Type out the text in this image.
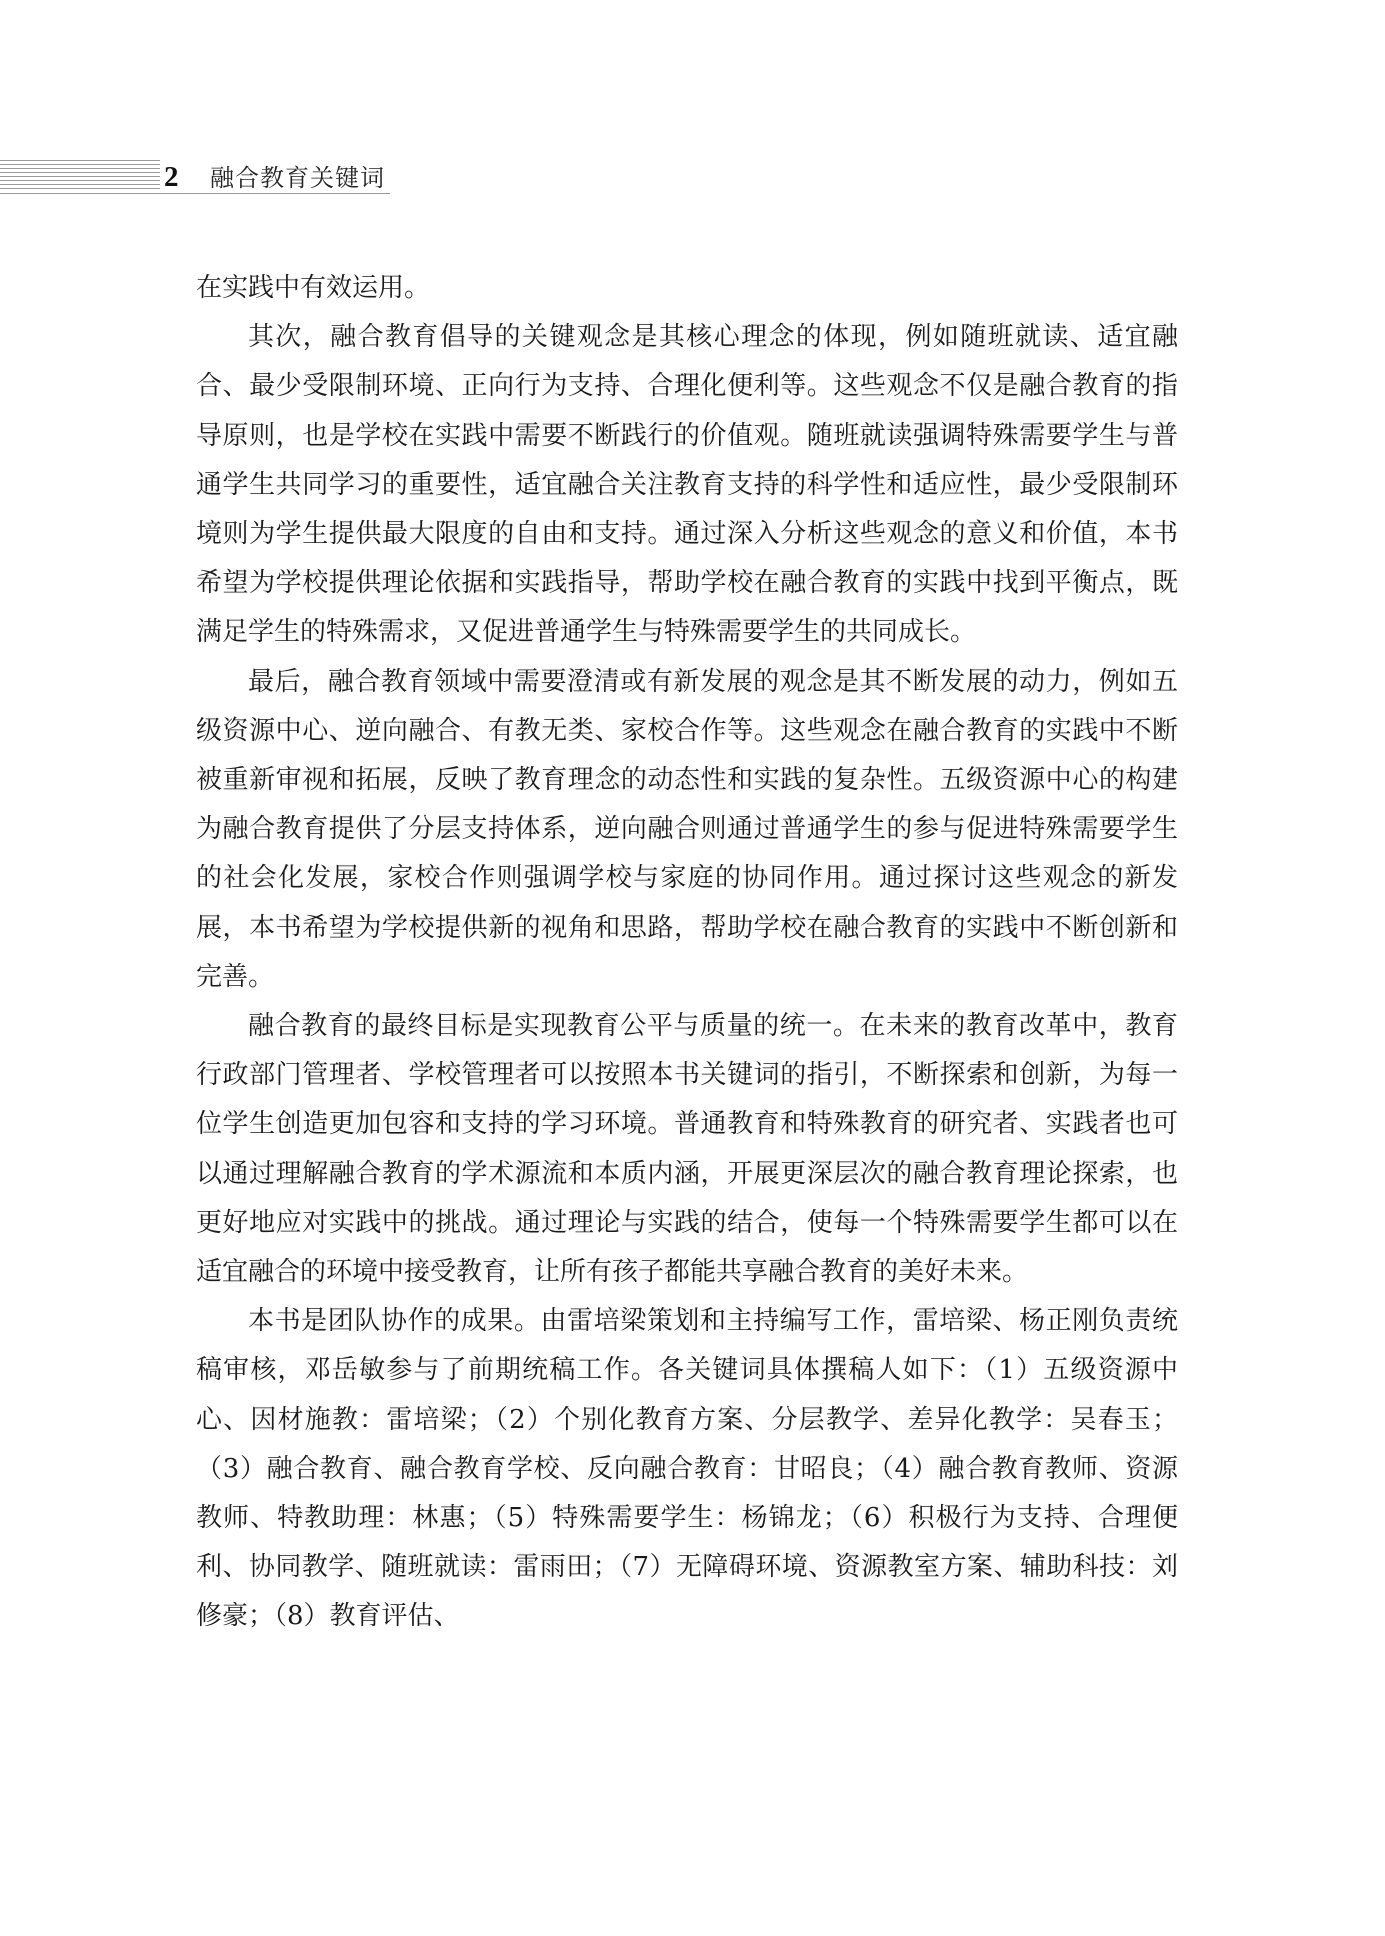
2 融合教育关键词

在实践中有效运用。

其次，融合教育倡导的关键观念是其核心理念的体现，例如随班就读、适宜融合、最少受限制环境、正向行为支持、合理化便利等。这些观念不仅是融合教育的指导原则，也是学校在实践中需要不断践行的价值观。随班就读强调特殊需要学生与普通学生共同学习的重要性，适宜融合关注教育支持的科学性和适应性，最少受限制环境则为学生提供最大限度的自由和支持。通过深入分析这些观念的意义和价值，本书希望为学校提供理论依据和实践指导，帮助学校在融合教育的实践中找到平衡点，既满足学生的特殊需求，又促进普通学生与特殊需要学生的共同成长。

最后，融合教育领域中需要澄清或有新发展的观念是其不断发展的动力，例如五级资源中心、逆向融合、有教无类、家校合作等。这些观念在融合教育的实践中不断被重新审视和拓展，反映了教育理念的动态性和实践的复杂性。五级资源中心的构建为融合教育提供了分层支持体系，逆向融合则通过普通学生的参与促进特殊需要学生的社会化发展，家校合作则强调学校与家庭的协同作用。通过探讨这些观念的新发展，本书希望为学校提供新的视角和思路，帮助学校在融合教育的实践中不断创新和完善。

融合教育的最终目标是实现教育公平与质量的统一。在未来的教育改革中，教育行政部门管理者、学校管理者可以按照本书关键词的指引，不断探索和创新，为每一位学生创造更加包容和支持的学习环境。普通教育和特殊教育的研究者、实践者也可以通过理解融合教育的学术源流和本质内涵，开展更深层次的融合教育理论探索，也更好地应对实践中的挑战。通过理论与实践的结合，使每一个特殊需要学生都可以在适宜融合的环境中接受教育，让所有孩子都能共享融合教育的美好未来。

本书是团队协作的成果。由雷培梁策划和主持编写工作，雷培梁、杨正刚负责统稿审核，邓岳敏参与了前期统稿工作。各关键词具体撰稿人如下：（1）五级资源中心、因材施教：雷培梁；（2）个别化教育方案、分层教学、差异化教学：吴春玉；（3）融合教育、融合教育学校、反向融合教育：甘昭良；（4）融合教育教师、资源教师、特教助理：林惠；（5）特殊需要学生：杨锦龙；（6）积极行为支持、合理便利、协同教学、随班就读：雷雨田；（7）无障碍环境、资源教室方案、辅助科技：刘修豪；（8）教育评估、
